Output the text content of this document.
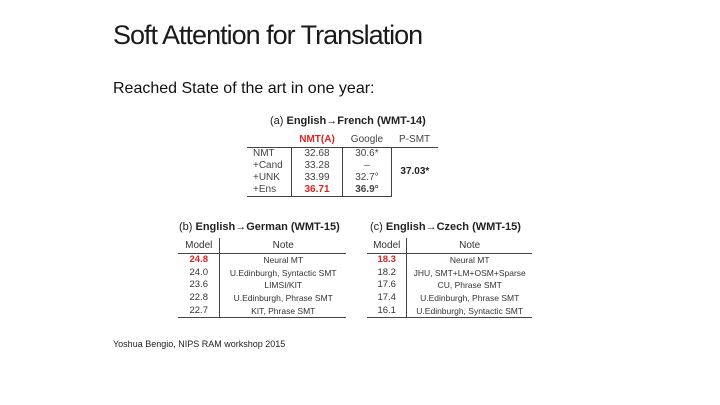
Soft Attention for Translation
Reached State of the art in one year:
(a) English→French (WMT-14)
	NMT(A)	Google	P-SMT
NMT	32.68	30.6*	37.03*
+Cand	33.28	–	
+UNK	33.99	32.7°	
+Ens	36.71	36.9°	
(b) English→German (WMT-15)
Model	Note
24.8	Neural MT
24.0	U.Edinburgh, Syntactic SMT
23.6	LIMSI/KIT
22.8	U.Edinburgh, Phrase SMT
22.7	KIT, Phrase SMT
(c) English→Czech (WMT-15)
Model	Note
18.3	Neural MT
18.2	JHU, SMT+LM+OSM+Sparse
17.6	CU, Phrase SMT
17.4	U.Edinburgh, Phrase SMT
16.1	U.Edinburgh, Syntactic SMT
Yoshua Bengio, NIPS RAM workshop 2015
